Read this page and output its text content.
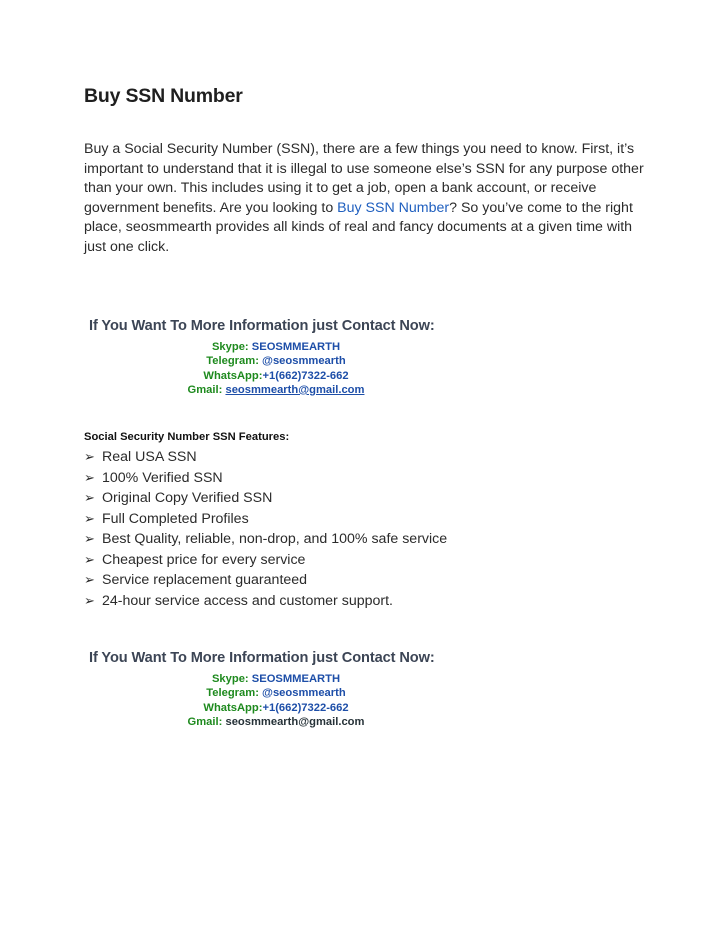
Buy SSN Number

Buy a Social Security Number (SSN), there are a few things you need to know. First, it’s important to understand that it is illegal to use someone else’s SSN for any purpose other than your own. This includes using it to get a job, open a bank account, or receive government benefits. Are you looking to Buy SSN Number? So you’ve come to the right place, seosmmearth provides all kinds of real and fancy documents at a given time with just one click.

If You Want To More Information just Contact Now:
Skype: SEOSMMEARTH
Telegram: @seosmmearth
WhatsApp:+1(662)7322-662
Gmail: seosmmearth@gmail.com
Social Security Number SSN Features:
➢ Real USA SSN
➢ 100% Verified SSN
➢ Original Copy Verified SSN
➢ Full Completed Profiles
➢ Best Quality, reliable, non-drop, and 100% safe service
➢ Cheapest price for every service
➢ Service replacement guaranteed
➢ 24-hour service access and customer support.
If You Want To More Information just Contact Now:
Skype: SEOSMMEARTH
Telegram: @seosmmearth
WhatsApp:+1(662)7322-662
Gmail: seosmmearth@gmail.com
